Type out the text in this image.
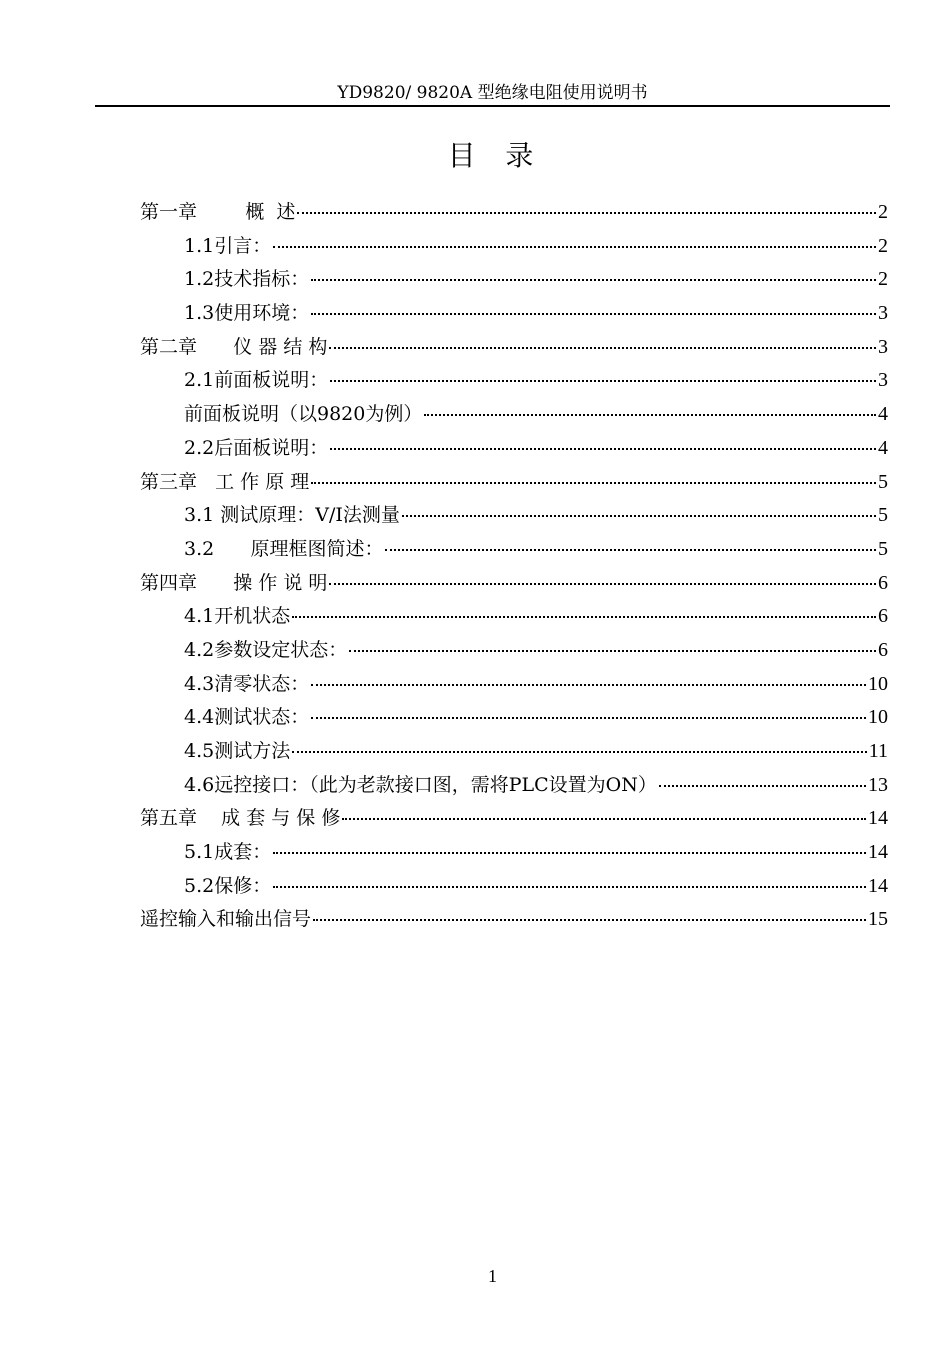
YD9820/ 9820A 型绝缘电阻使用说明书
目  录
第一章        概  述	2
1.1引言：	2
1.2技术指标：	2
1.3使用环境：	3
第二章      仪 器 结 构	3
2.1前面板说明：	3
前面板说明（以9820为例）	4
2.2后面板说明：	4
第三章   工 作 原 理	5
3.1 测试原理：V/I法测量	5
3.2      原理框图简述：	5
第四章      操 作 说 明	6
4.1开机状态	6
4.2参数设定状态：	6
4.3清零状态：	10
4.4测试状态：	10
4.5测试方法	11
4.6远控接口：（此为老款接口图，需将PLC设置为ON）	13
第五章    成 套 与 保 修	14
5.1成套：	14
5.2保修：	14
遥控输入和输出信号	15
1
